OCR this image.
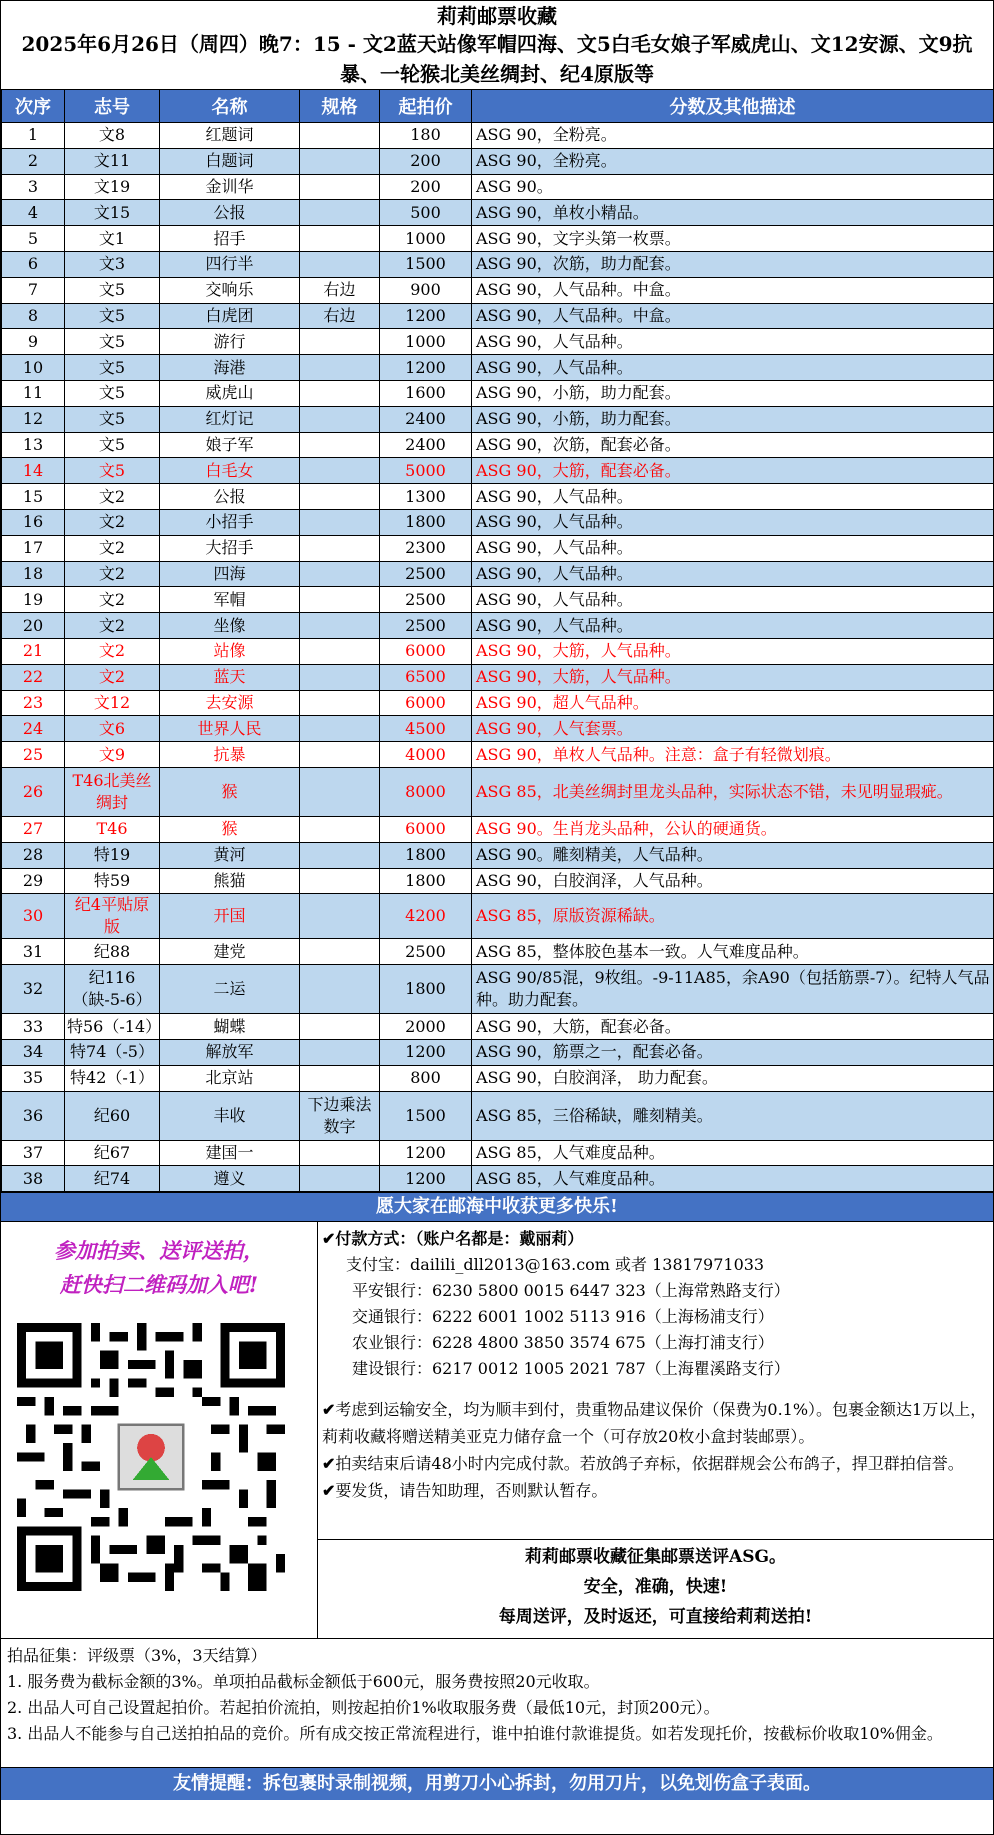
莉莉邮票收藏
2025年6月26日（周四）晚7：15 - 文2蓝天站像军帽四海、文5白毛女娘子军威虎山、文12安源、文9抗暴、一轮猴北美丝绸封、纪4原版等
次序	志号	名称	规格	起拍价	分数及其他描述
1	文8	红题词		180	ASG 90，全粉亮。
2	文11	白题词		200	ASG 90，全粉亮。
3	文19	金训华		200	ASG 90。
4	文15	公报		500	ASG 90，单枚小精品。
5	文1	招手		1000	ASG 90，文字头第一枚票。
6	文3	四行半		1500	ASG 90，次筋，助力配套。
7	文5	交响乐	右边	900	ASG 90，人气品种。中盒。
8	文5	白虎团	右边	1200	ASG 90，人气品种。中盒。
9	文5	游行		1000	ASG 90，人气品种。
10	文5	海港		1200	ASG 90，人气品种。
11	文5	威虎山		1600	ASG 90，小筋，助力配套。
12	文5	红灯记		2400	ASG 90，小筋，助力配套。
13	文5	娘子军		2400	ASG 90，次筋，配套必备。
14	文5	白毛女		5000	ASG 90，大筋，配套必备。
15	文2	公报		1300	ASG 90，人气品种。
16	文2	小招手		1800	ASG 90，人气品种。
17	文2	大招手		2300	ASG 90，人气品种。
18	文2	四海		2500	ASG 90，人气品种。
19	文2	军帽		2500	ASG 90，人气品种。
20	文2	坐像		2500	ASG 90，人气品种。
21	文2	站像		6000	ASG 90，大筋，人气品种。
22	文2	蓝天		6500	ASG 90，大筋，人气品种。
23	文12	去安源		6000	ASG 90，超人气品种。
24	文6	世界人民		4500	ASG 90，人气套票。
25	文9	抗暴		4000	ASG 90，单枚人气品种。注意：盒子有轻微划痕。
26	T46北美丝绸封	猴		8000	ASG 85，北美丝绸封里龙头品种，实际状态不错，未见明显瑕疵。
27	T46	猴		6000	ASG 90。生肖龙头品种，公认的硬通货。
28	特19	黄河		1800	ASG 90。雕刻精美，人气品种。
29	特59	熊猫		1800	ASG 90，白胶润泽，人气品种。
30	纪4平贴原版	开国		4200	ASG 85，原版资源稀缺。
31	纪88	建党		2500	ASG 85，整体胶色基本一致。人气难度品种。
32	纪116（缺-5-6）	二运		1800	ASG 90/85混，9枚组。-9-11A85，余A90（包括筋票-7）。纪特人气品种。助力配套。
33	特56（-14）	蝴蝶		2000	ASG 90，大筋，配套必备。
34	特74（-5）	解放军		1200	ASG 90，筋票之一，配套必备。
35	特42（-1）	北京站		800	ASG 90，白胶润泽， 助力配套。
36	纪60	丰收	下边乘法数字	1500	ASG 85，三俗稀缺，雕刻精美。
37	纪67	建国一		1200	ASG 85，人气难度品种。
38	纪74	遵义		1200	ASG 85，人气难度品种。
愿大家在邮海中收获更多快乐!
参加拍卖、送评送拍，
赶快扫二维码加入吧!
✔付款方式：（账户名都是：戴丽莉）
支付宝：dailili_dll2013@163.com 或者 13817971033
平安银行：6230 5800 0015 6447 323（上海常熟路支行）
交通银行：6222 6001 1002 5113 916（上海杨浦支行）
农业银行：6228 4800 3850 3574 675（上海打浦支行）
建设银行：6217 0012 1005 2021 787（上海瞿溪路支行）
✔考虑到运输安全，均为顺丰到付，贵重物品建议保价（保费为0.1%）。包裹金额达1万以上，莉莉收藏将赠送精美亚克力储存盒一个（可存放20枚小盒封装邮票）。
✔拍卖结束后请48小时内完成付款。若放鸽子弃标，依据群规会公布鸽子，捍卫群拍信誉。
✔要发货，请告知助理，否则默认暂存。
莉莉邮票收藏征集邮票送评ASG。
安全，准确，快速!
每周送评，及时返还，可直接给莉莉送拍!
拍品征集：评级票（3%，3天结算）
1. 服务费为截标金额的3%。单项拍品截标金额低于600元，服务费按照20元收取。
2. 出品人可自己设置起拍价。若起拍价流拍，则按起拍价1%收取服务费（最低10元，封顶200元）。
3. 出品人不能参与自己送拍拍品的竞价。所有成交按正常流程进行，谁中拍谁付款谁提货。如若发现托价，按截标价收取10%佣金。
友情提醒：拆包裹时录制视频，用剪刀小心拆封，勿用刀片，以免划伤盒子表面。
